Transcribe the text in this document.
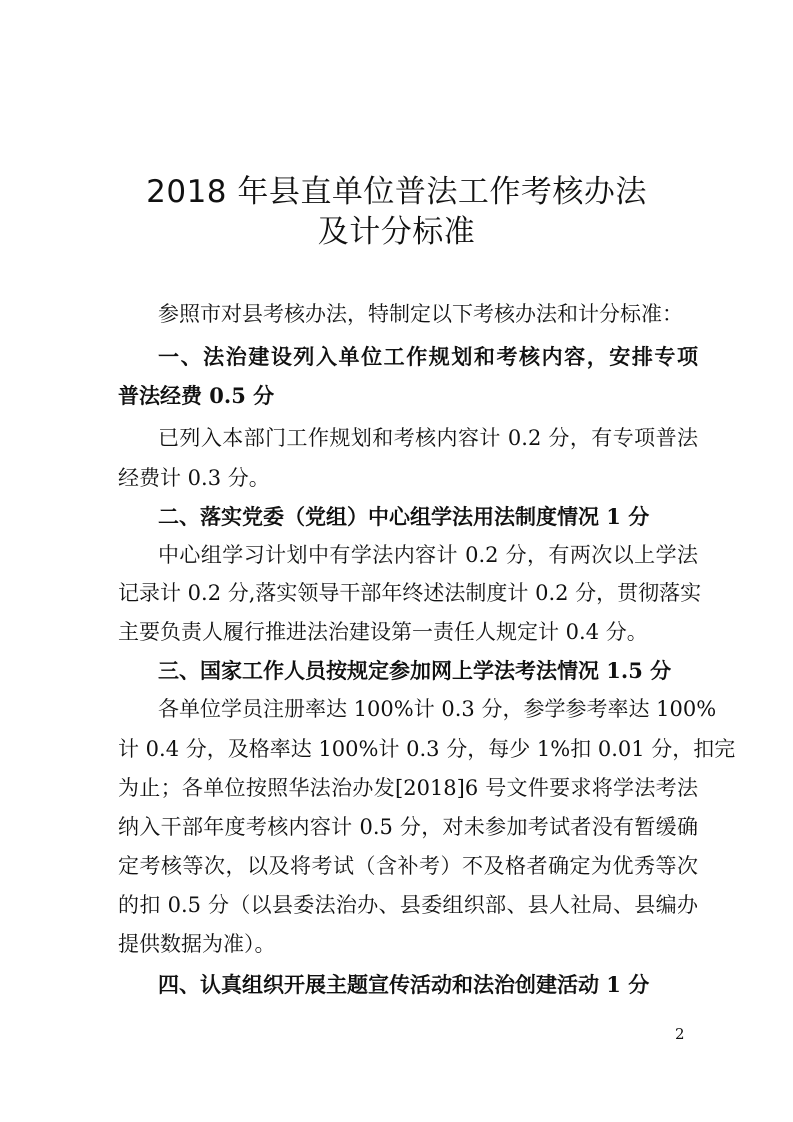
2018 年县直单位普法工作考核办法
及计分标准
参照市对县考核办法，特制定以下考核办法和计分标准：
一、法治建设列入单位工作规划和考核内容，安排专项
普法经费 0.5 分
已列入本部门工作规划和考核内容计 0.2 分，有专项普法
经费计 0.3 分。
二、落实党委（党组）中心组学法用法制度情况 1 分
中心组学习计划中有学法内容计 0.2 分，有两次以上学法
记录计 0.2 分,落实领导干部年终述法制度计 0.2 分，贯彻落实
主要负责人履行推进法治建设第一责任人规定计 0.4 分。
三、国家工作人员按规定参加网上学法考法情况 1.5 分
各单位学员注册率达 100%计 0.3 分，参学参考率达 100%
计 0.4 分，及格率达 100%计 0.3 分，每少 1%扣 0.01 分，扣完
为止；各单位按照华法治办发[2018]6 号文件要求将学法考法
纳入干部年度考核内容计 0.5 分，对未参加考试者没有暂缓确
定考核等次，以及将考试（含补考）不及格者确定为优秀等次
的扣 0.5 分（以县委法治办、县委组织部、县人社局、县编办
提供数据为准）。
四、认真组织开展主题宣传活动和法治创建活动 1 分
2
